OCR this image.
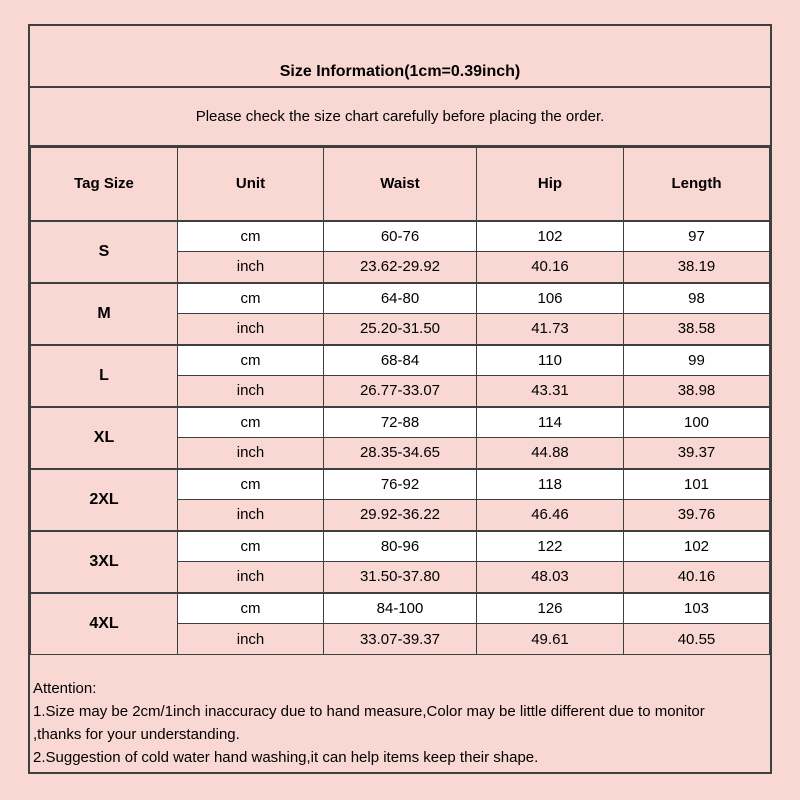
Size Information(1cm=0.39inch)
Please check the size chart carefully before placing the order.
Tag Size	Unit	Waist	Hip	Length
S	cm	60-76	102	97
	inch	23.62-29.92	40.16	38.19
M	cm	64-80	106	98
	inch	25.20-31.50	41.73	38.58
L	cm	68-84	110	99
	inch	26.77-33.07	43.31	38.98
XL	cm	72-88	114	100
	inch	28.35-34.65	44.88	39.37
2XL	cm	76-92	118	101
	inch	29.92-36.22	46.46	39.76
3XL	cm	80-96	122	102
	inch	31.50-37.80	48.03	40.16
4XL	cm	84-100	126	103
	inch	33.07-39.37	49.61	40.55
Attention:
1.Size may be 2cm/1inch inaccuracy due to hand measure,Color may be little different due to monitor
,thanks for your understanding.
2.Suggestion of cold water hand washing,it can help items keep their shape.
